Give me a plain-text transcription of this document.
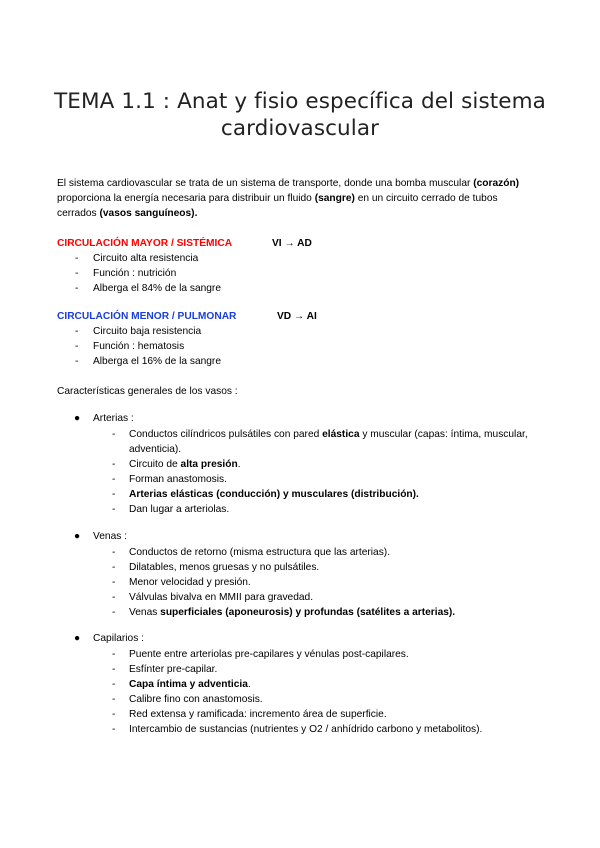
TEMA 1.1 : Anat y fisio específica del sistema cardiovascular
El sistema cardiovascular se trata de un sistema de transporte, donde una bomba muscular (corazón) proporciona la energía necesaria para distribuir un fluido (sangre) en un circuito cerrado de tubos cerrados (vasos sanguíneos).
CIRCULACIÓN MAYOR / SISTÉMICA	VI → AD
- Circuito alta resistencia
- Función : nutrición
- Alberga el 84% de la sangre
CIRCULACIÓN MENOR / PULMONAR	VD → AI
- Circuito baja resistencia
- Función : hematosis
- Alberga el 16% de la sangre
Características generales de los vasos :
● Arterias :
- Conductos cilíndricos pulsátiles con pared elástica y muscular (capas: íntima, muscular, adventicia).
- Circuito de alta presión.
- Forman anastomosis.
- Arterias elásticas (conducción) y musculares (distribución).
- Dan lugar a arteriolas.
● Venas :
- Conductos de retorno (misma estructura que las arterias).
- Dilatables, menos gruesas y no pulsátiles.
- Menor velocidad y presión.
- Válvulas bivalva en MMII para gravedad.
- Venas superficiales (aponeurosis) y profundas (satélites a arterias).
● Capilarios :
- Puente entre arteriolas pre-capilares y vénulas post-capilares.
- Esfínter pre-capilar.
- Capa íntima y adventicia.
- Calibre fino con anastomosis.
- Red extensa y ramificada: incremento área de superficie.
- Intercambio de sustancias (nutrientes y O2 / anhídrido carbono y metabolitos).
